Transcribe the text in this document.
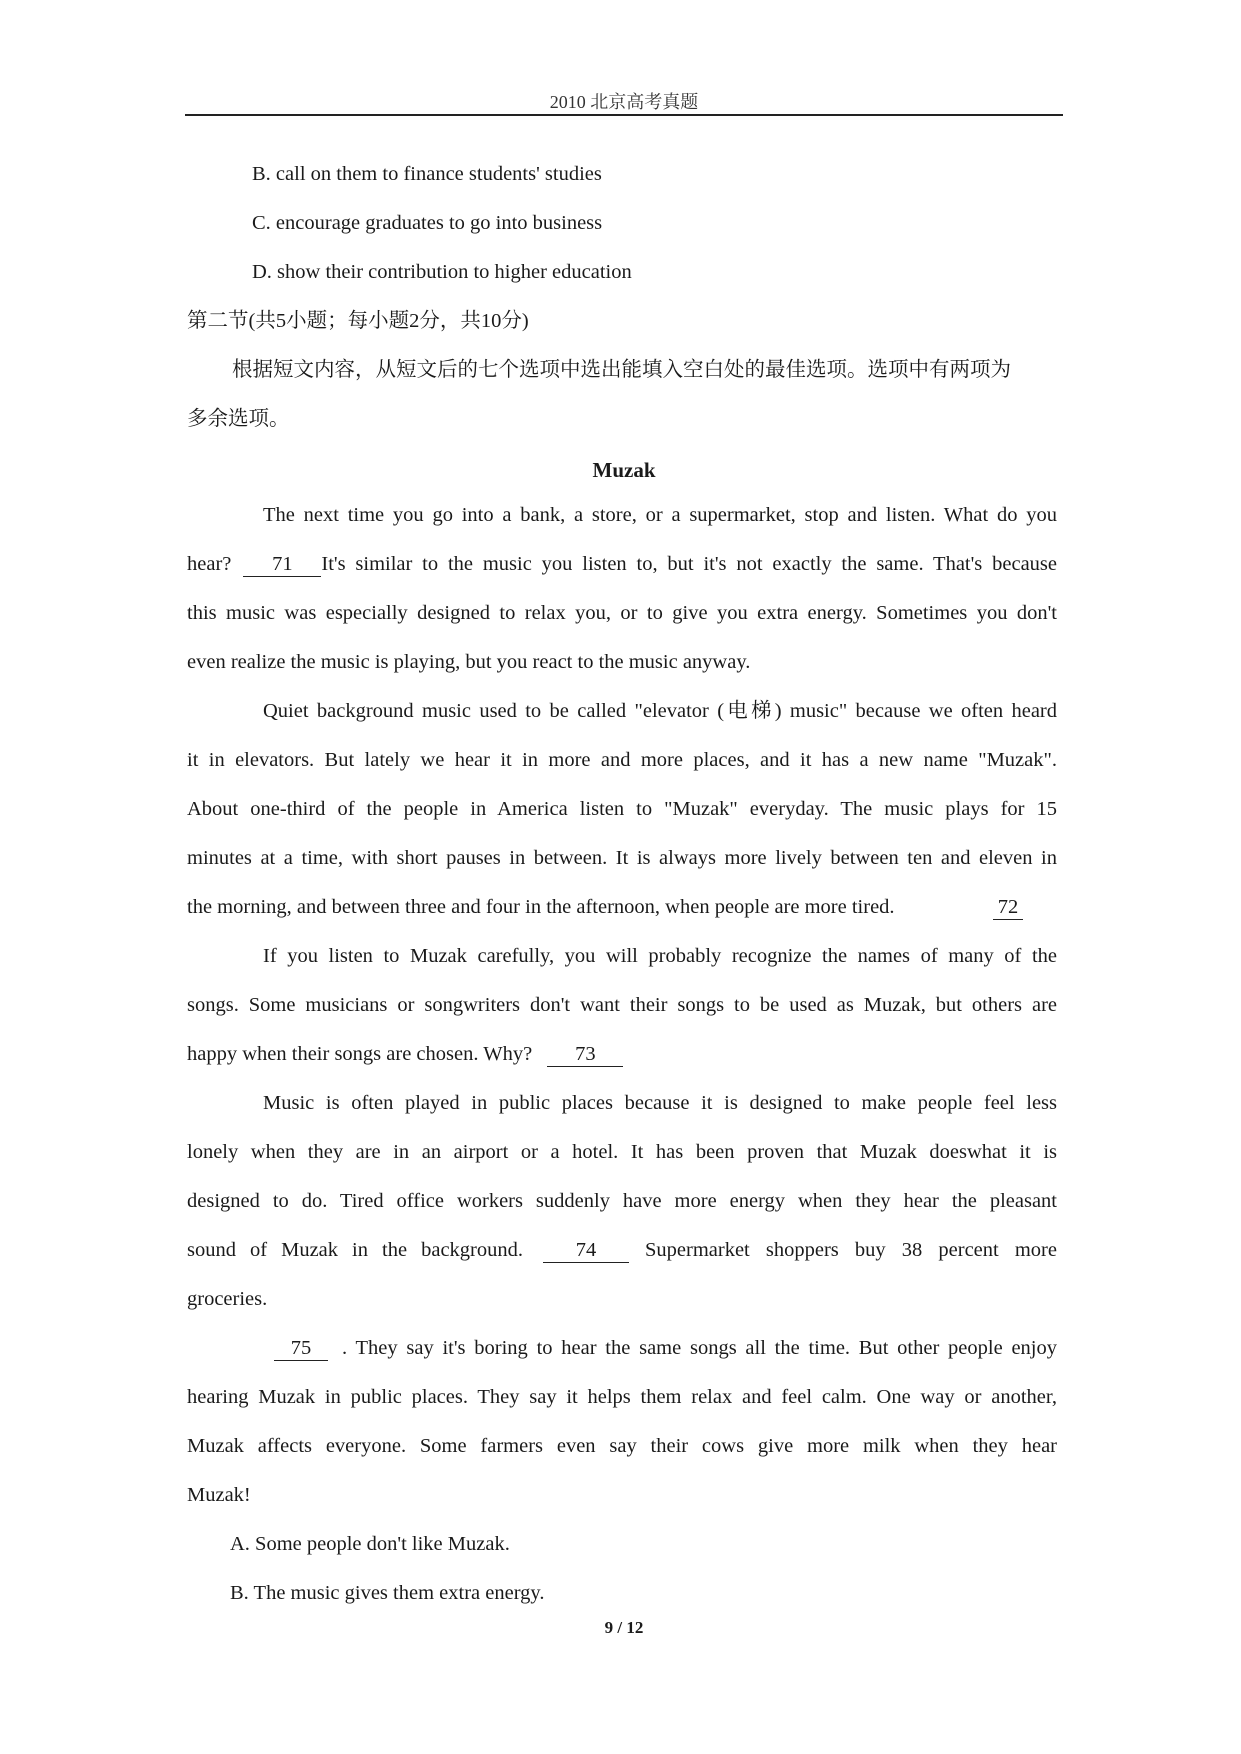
2010 北京高考真题
B. call on them to finance students' studies
C. encourage graduates to go into business
D. show their contribution to higher education
第二节(共5小题；每小题2分，共10分)
根据短文内容，从短文后的七个选项中选出能填入空白处的最佳选项。选项中有两项为
多余选项。
Muzak
The next time you go into a bank, a store, or a supermarket, stop and listen. What do you
hear?	71	It's similar to the music you listen to, but it's not exactly the same. That's because
this music was especially designed to relax you, or to give you extra energy. Sometimes you don't
even realize the music is playing, but you react to the music anyway.
Quiet background music used to be called "elevator (电梯) music" because we often heard
it in elevators. But lately we hear it in more and more places, and it has a new name "Muzak".
About one-third of the people in America listen to "Muzak" everyday. The music plays for 15
minutes at a time, with short pauses in between. It is always more lively between ten and eleven in
the morning, and between three and four in the afternoon, when people are more tired.	72
If you listen to Muzak carefully, you will probably recognize the names of many of the
songs. Some musicians or songwriters don't want their songs to be used as Muzak, but others are
happy when their songs are chosen. Why? 73
Music is often played in public places because it is designed to make people feel less
lonely when they are in an airport or a hotel. It has been proven that Muzak doeswhat it is
designed to do. Tired office workers suddenly have more energy when they hear the pleasant
sound of Muzak in the background.	74	Supermarket shoppers buy 38 percent more
groceries.
75	. They say it's boring to hear the same songs all the time. But other people enjoy
hearing Muzak in public places. They say it helps them relax and feel calm. One way or another,
Muzak affects everyone. Some farmers even say their cows give more milk when they hear
Muzak!
A. Some people don't like Muzak.
B. The music gives them extra energy.
9 / 12
